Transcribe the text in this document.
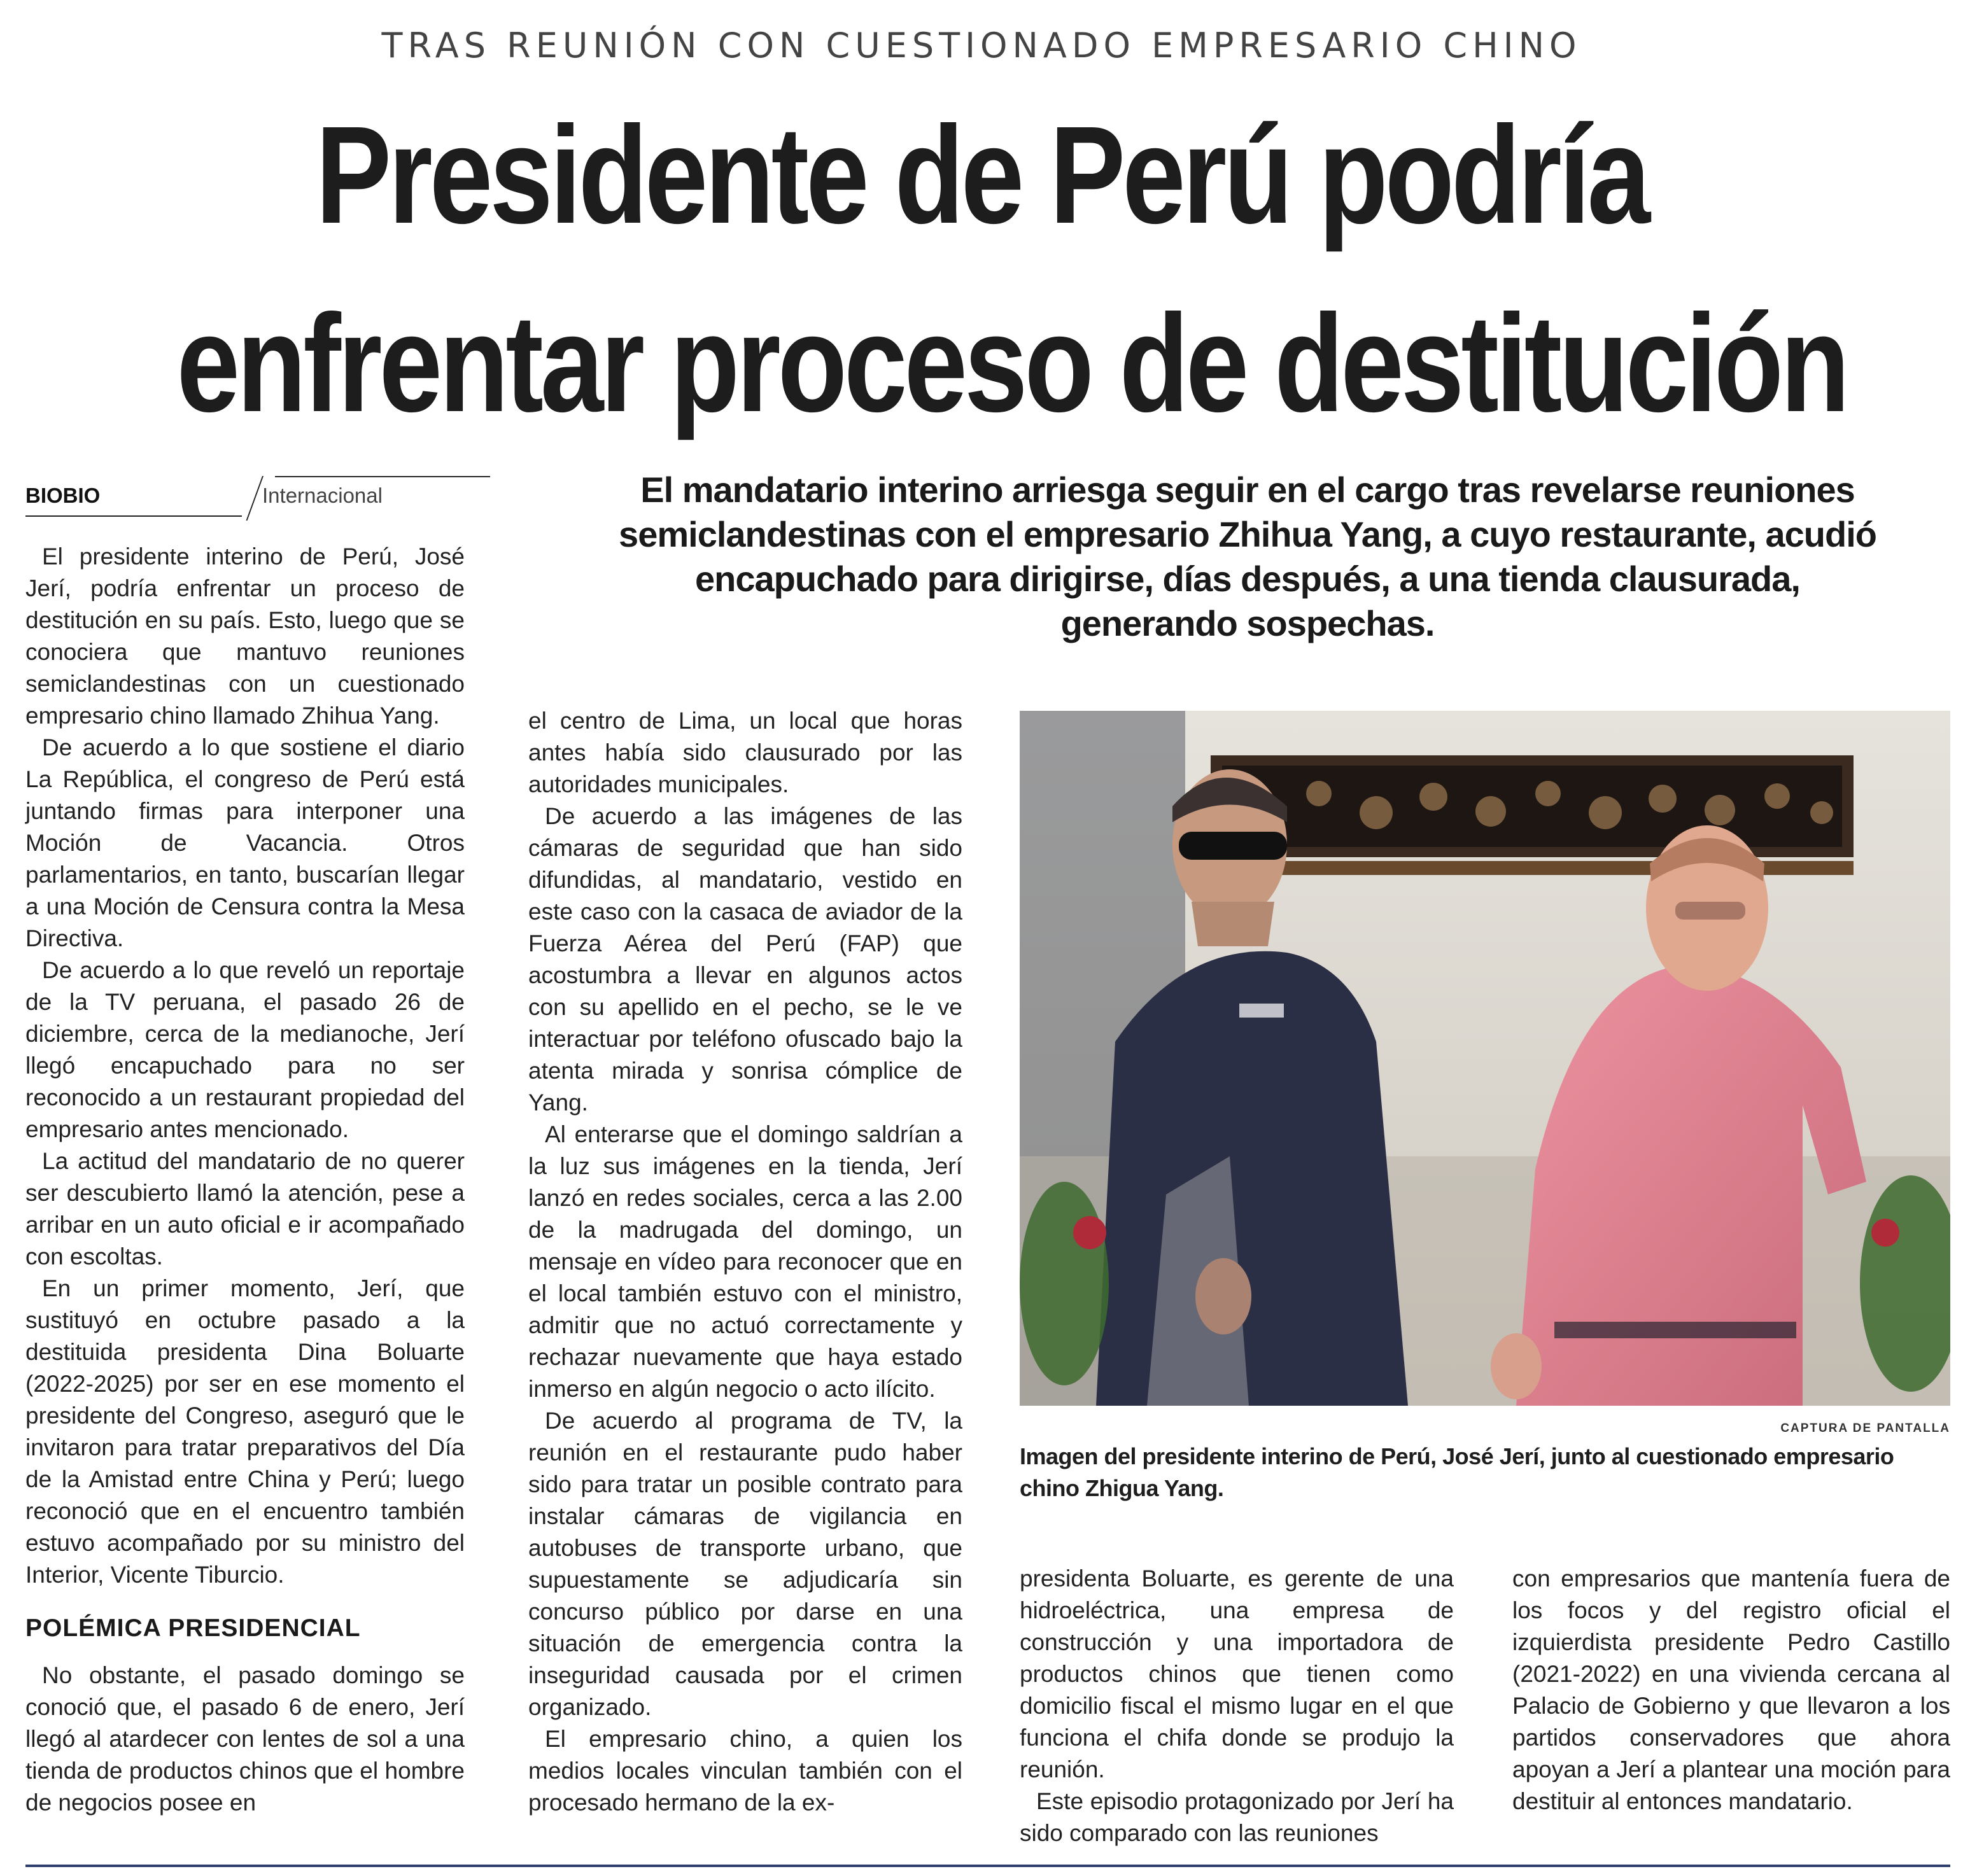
TRAS REUNIÓN CON CUESTIONADO EMPRESARIO CHINO
Presidente de Perú podría
enfrentar proceso de destitución
BIOBIO	Internacional	El mandatario interino arriesga seguir en el cargo tras revelarse reuniones semiclandestinas con el empresario Zhihua Yang, a cuyo restaurante, acudió encapuchado para dirigirse, días después, a una tienda clausurada, generando sospechas.

El presidente interino de Perú, José Jerí, podría enfrentar un proceso de destitución en su país. Esto, luego que se conociera que mantuvo reuniones semiclandestinas con un cuestionado empresario chino llamado Zhihua Yang.

De acuerdo a lo que sostiene el diario La República, el congreso de Perú está juntando firmas para interponer una Moción de Vacancia. Otros parlamentarios, en tanto, buscarían llegar a una Moción de Censura contra la Mesa Directiva.

De acuerdo a lo que reveló un reportaje de la TV peruana, el pasado 26 de diciembre, cerca de la medianoche, Jerí llegó encapuchado para no ser reconocido a un restaurant propiedad del empresario antes mencionado.

La actitud del mandatario de no querer ser descubierto llamó la atención, pese a arribar en un auto oficial e ir acompañado con escoltas.

En un primer momento, Jerí, que sustituyó en octubre pasado a la destituida presidenta Dina Boluarte (2022-2025) por ser en ese momento el presidente del Congreso, aseguró que le invitaron para tratar preparativos del Día de la Amistad entre China y Perú; luego reconoció que en el encuentro también estuvo acompañado por su ministro del Interior, Vicente Tiburcio.

POLÉMICA PRESIDENCIAL

No obstante, el pasado domingo se conoció que, el pasado 6 de enero, Jerí llegó al atardecer con lentes de sol a una tienda de productos chinos que el hombre de negocios posee en

el centro de Lima, un local que horas antes había sido clausurado por las autoridades municipales.

De acuerdo a las imágenes de las cámaras de seguridad que han sido difundidas, al mandatario, vestido en este caso con la casaca de aviador de la Fuerza Aérea del Perú (FAP) que acostumbra a llevar en algunos actos con su apellido en el pecho, se le ve interactuar por teléfono ofuscado bajo la atenta mirada y sonrisa cómplice de Yang.

Al enterarse que el domingo saldrían a la luz sus imágenes en la tienda, Jerí lanzó en redes sociales, cerca a las 2.00 de la madrugada del domingo, un mensaje en vídeo para reconocer que en el local también estuvo con el ministro, admitir que no actuó correctamente y rechazar nuevamente que haya estado inmerso en algún negocio o acto ilícito.

De acuerdo al programa de TV, la reunión en el restaurante pudo haber sido para tratar un posible contrato para instalar cámaras de vigilancia en autobuses de transporte urbano, que supuestamente se adjudicaría sin concurso público por darse en una situación de emergencia contra la inseguridad causada por el crimen organizado.

El empresario chino, a quien los medios locales vinculan también con el procesado hermano de la ex-

CAPTURA DE PANTALLA
Imagen del presidente interino de Perú, José Jerí, junto al cuestionado empresario chino Zhigua Yang.

presidenta Boluarte, es gerente de una hidroeléctrica, una empresa de construcción y una importadora de productos chinos que tienen como domicilio fiscal el mismo lugar en el que funciona el chifa donde se produjo la reunión.

Este episodio protagonizado por Jerí ha sido comparado con las reuniones

con empresarios que mantenía fuera de los focos y del registro oficial el izquierdista presidente Pedro Castillo (2021-2022) en una vivienda cercana al Palacio de Gobierno y que llevaron a los partidos conservadores que ahora apoyan a Jerí a plantear una moción para destituir al entonces mandatario.
